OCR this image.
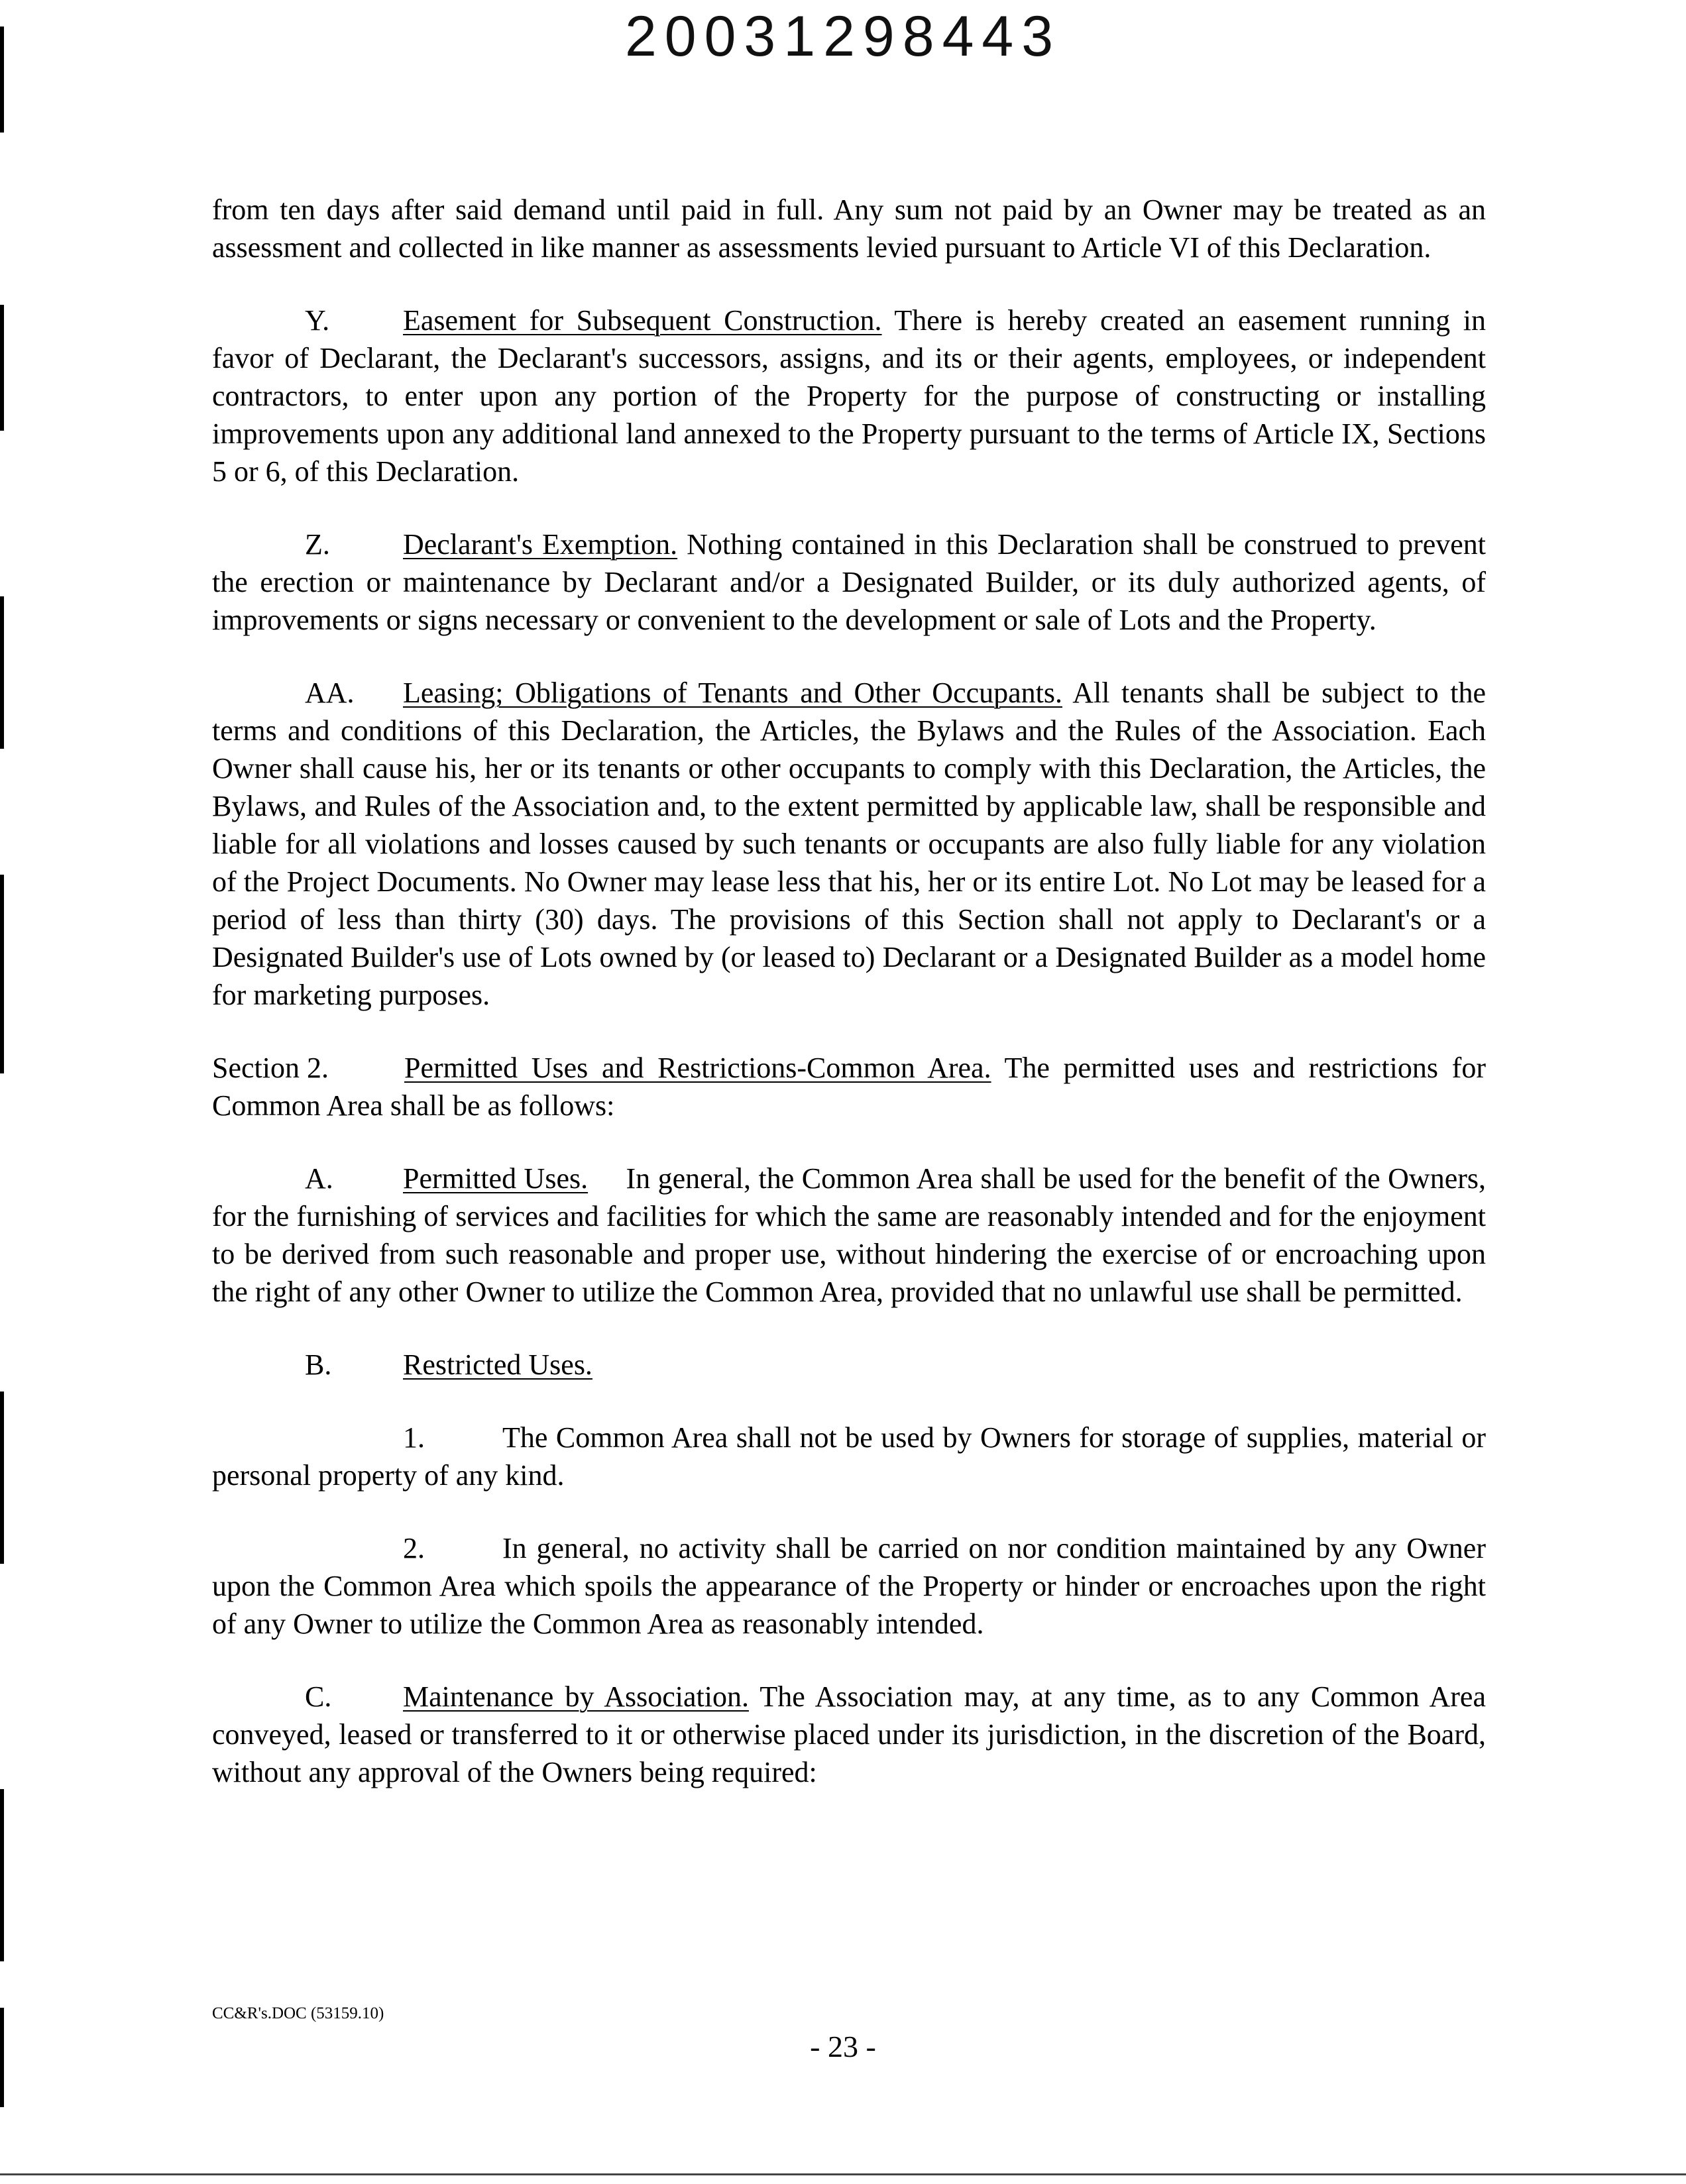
20031298443

from ten days after said demand until paid in full. Any sum not paid by an Owner may be treated as an assessment and collected in like manner as assessments levied pursuant to Article VI of this Declaration.

Y.	Easement for Subsequent Construction. There is hereby created an easement running in favor of Declarant, the Declarant's successors, assigns, and its or their agents, employees, or independent contractors, to enter upon any portion of the Property for the purpose of constructing or installing improvements upon any additional land annexed to the Property pursuant to the terms of Article IX, Sections 5 or 6, of this Declaration.

Z.	Declarant's Exemption. Nothing contained in this Declaration shall be construed to prevent the erection or maintenance by Declarant and/or a Designated Builder, or its duly authorized agents, of improvements or signs necessary or convenient to the development or sale of Lots and the Property.

AA. Leasing; Obligations of Tenants and Other Occupants. All tenants shall be subject to the terms and conditions of this Declaration, the Articles, the Bylaws and the Rules of the Association. Each Owner shall cause his, her or its tenants or other occupants to comply with this Declaration, the Articles, the Bylaws, and Rules of the Association and, to the extent permitted by applicable law, shall be responsible and liable for all violations and losses caused by such tenants or occupants are also fully liable for any violation of the Project Documents. No Owner may lease less that his, her or its entire Lot. No Lot may be leased for a period of less than thirty (30) days. The provisions of this Section shall not apply to Declarant's or a Designated Builder's use of Lots owned by (or leased to) Declarant or a Designated Builder as a model home for marketing purposes.

Section 2.	Permitted Uses and Restrictions-Common Area. The permitted uses and restrictions for Common Area shall be as follows:

A. Permitted Uses. In general, the Common Area shall be used for the benefit of the Owners, for the furnishing of services and facilities for which the same are reasonably intended and for the enjoyment to be derived from such reasonable and proper use, without hindering the exercise of or encroaching upon the right of any other Owner to utilize the Common Area, provided that no unlawful use shall be permitted.

B. Restricted Uses.

1.	The Common Area shall not be used by Owners for storage of supplies, material or personal property of any kind.

2.	In general, no activity shall be carried on nor condition maintained by any Owner upon the Common Area which spoils the appearance of the Property or hinder or encroaches upon the right of any Owner to utilize the Common Area as reasonably intended.

C. Maintenance by Association. The Association may, at any time, as to any Common Area conveyed, leased or transferred to it or otherwise placed under its jurisdiction, in the discretion of the Board, without any approval of the Owners being required:

CC&R's.DOC (53159.10)
- 23 -
